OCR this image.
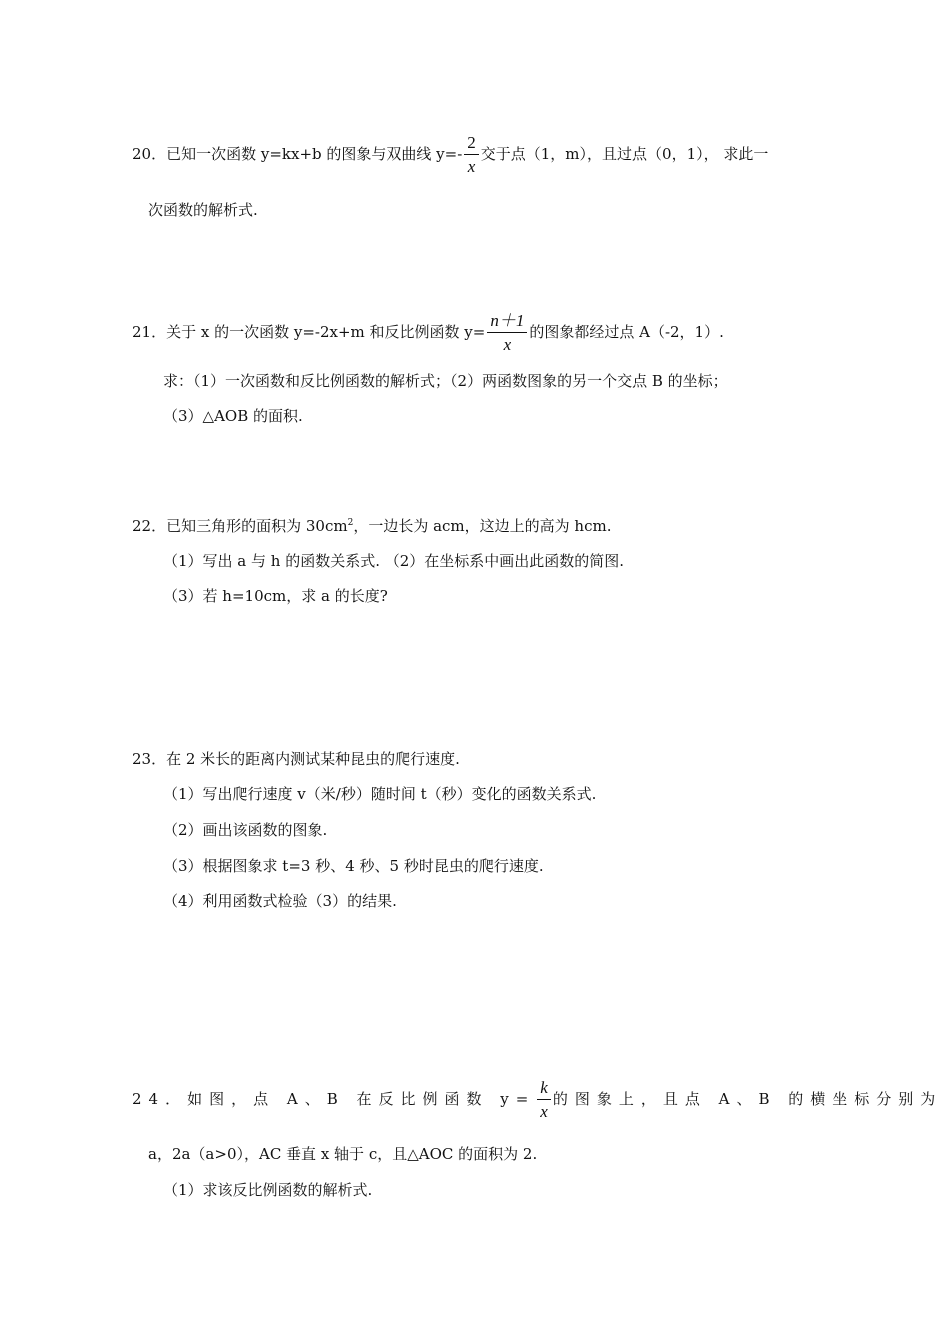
20．已知一次函数 y=kx+b 的图象与双曲线 $y=- \frac{2}{x}$ 交于点（1，m），且过点（0，1）， 求此一
次函数的解析式.
21．关于 x 的一次函数 y=-2x+m 和反比例函数 $y= \frac{n+1}{x}$ 的图象都经过点 A（-2，1）.
求：（1）一次函数和反比例函数的解析式；（2）两函数图象的另一个交点 B 的坐标；
（3）△AOB 的面积.
22．已知三角形的面积为 $30cm^2$，一边长为 acm，这边上的高为 hcm.
（1）写出 a 与 h 的函数关系式. （2）在坐标系中画出此函数的简图.
（3）若 h=10cm，求 a 的长度?
23．在 2 米长的距离内测试某种昆虫的爬行速度.
（1）写出爬行速度 v（米/秒）随时间 t（秒）变化的函数关系式.
（2）画出该函数的图象.
（3）根据图象求 t=3 秒、4 秒、5 秒时昆虫的爬行速度.
（4）利用函数式检验（3）的结果.
24．如图，点 A、B 在反比例函数 $y= \frac{k}{x}$ 的图象上，且点 A、B 的横坐标分别为
a，2a（a>0），AC 垂直 x 轴于 c，且△AOC 的面积为 2.
（1）求该反比例函数的解析式.
